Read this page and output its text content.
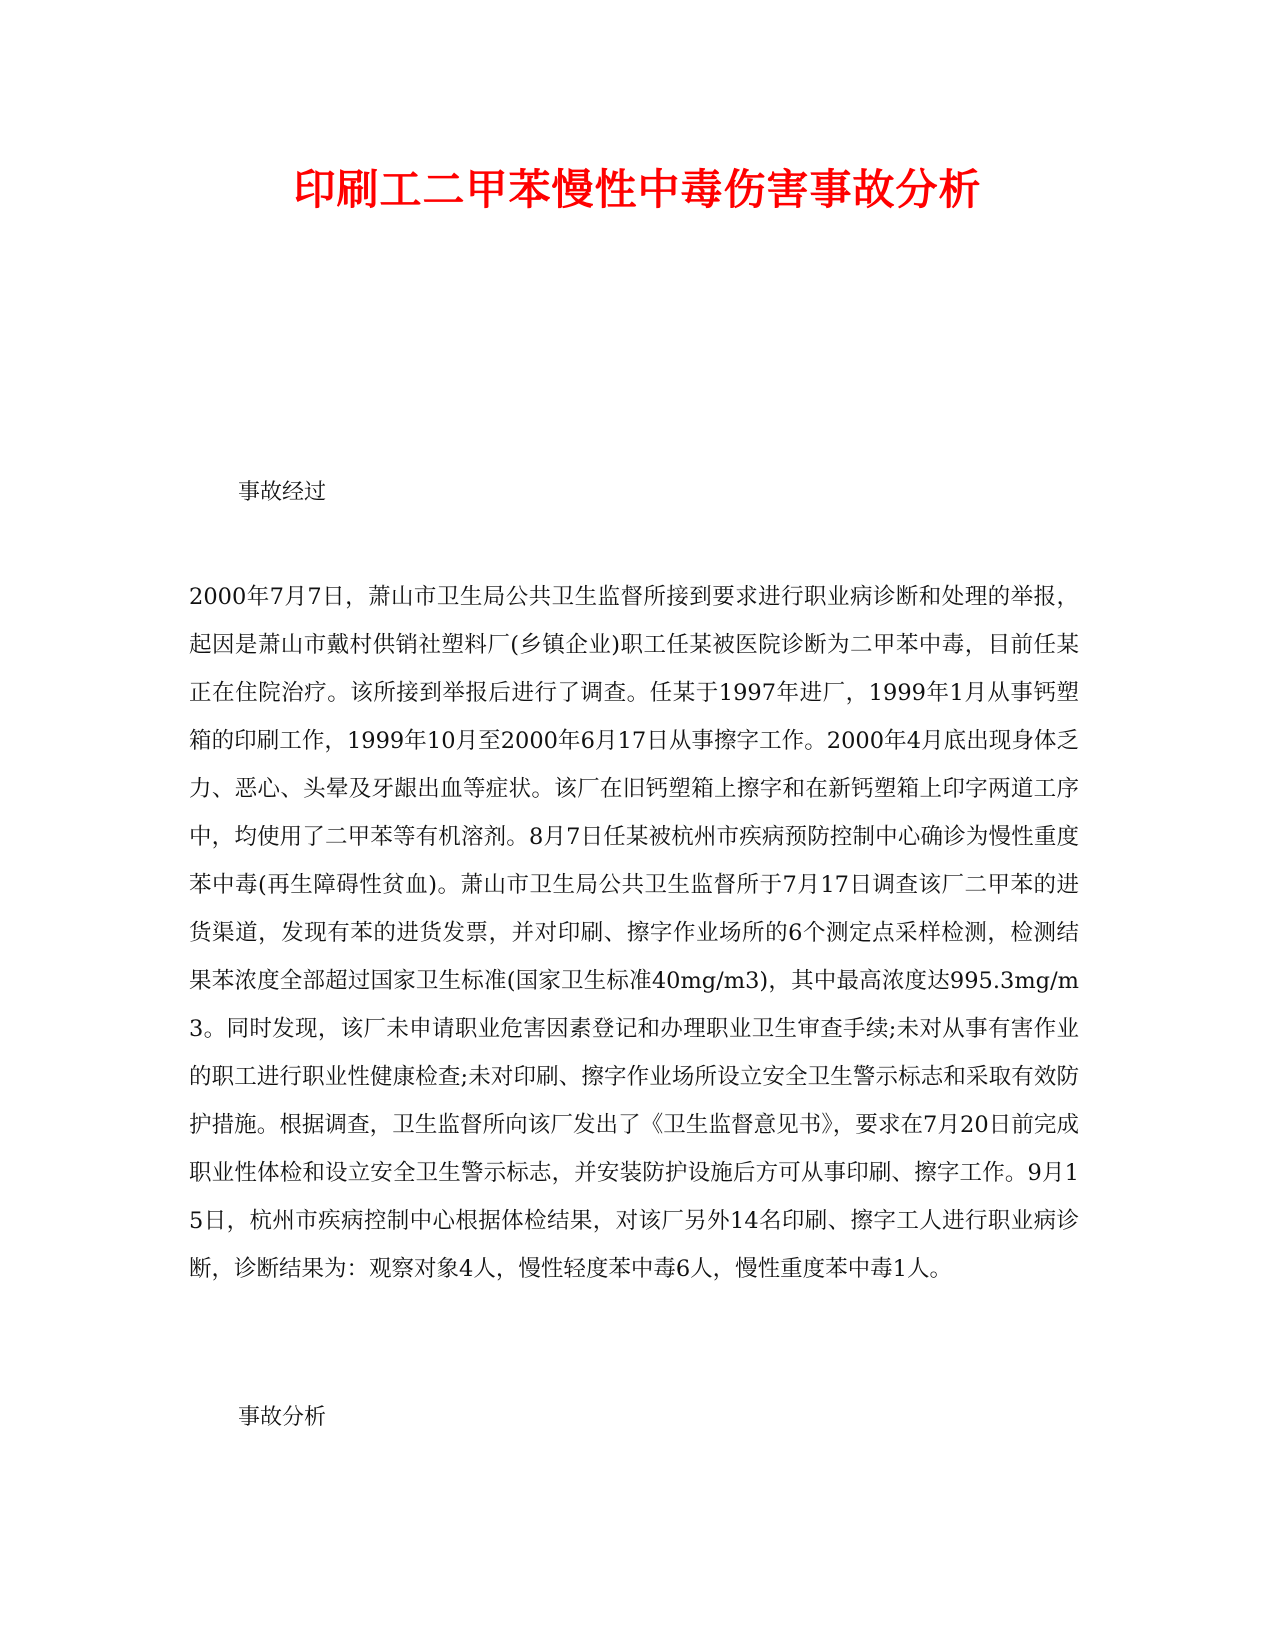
印刷工二甲苯慢性中毒伤害事故分析
事故经过

2000年7月7日，萧山市卫生局公共卫生监督所接到要求进行职业病诊断和处理的举报，起因是萧山市戴村供销社塑料厂(乡镇企业)职工任某被医院诊断为二甲苯中毒，目前任某正在住院治疗。该所接到举报后进行了调查。任某于1997年进厂，1999年1月从事钙塑箱的印刷工作，1999年10月至2000年6月17日从事擦字工作。2000年4月底出现身体乏力、恶心、头晕及牙龈出血等症状。该厂在旧钙塑箱上擦字和在新钙塑箱上印字两道工序中，均使用了二甲苯等有机溶剂。8月7日任某被杭州市疾病预防控制中心确诊为慢性重度苯中毒(再生障碍性贫血)。萧山市卫生局公共卫生监督所于7月17日调查该厂二甲苯的进货渠道，发现有苯的进货发票，并对印刷、擦字作业场所的6个测定点采样检测，检测结果苯浓度全部超过国家卫生标准(国家卫生标准40mg/m3)，其中最高浓度达995.3mg/m3。同时发现，该厂未申请职业危害因素登记和办理职业卫生审查手续;未对从事有害作业的职工进行职业性健康检查;未对印刷、擦字作业场所设立安全卫生警示标志和采取有效防护措施。根据调查，卫生监督所向该厂发出了《卫生监督意见书》，要求在7月20日前完成职业性体检和设立安全卫生警示标志，并安装防护设施后方可从事印刷、擦字工作。9月15日，杭州市疾病控制中心根据体检结果，对该厂另外14名印刷、擦字工人进行职业病诊断，诊断结果为：观察对象4人，慢性轻度苯中毒6人，慢性重度苯中毒1人。

事故分析
